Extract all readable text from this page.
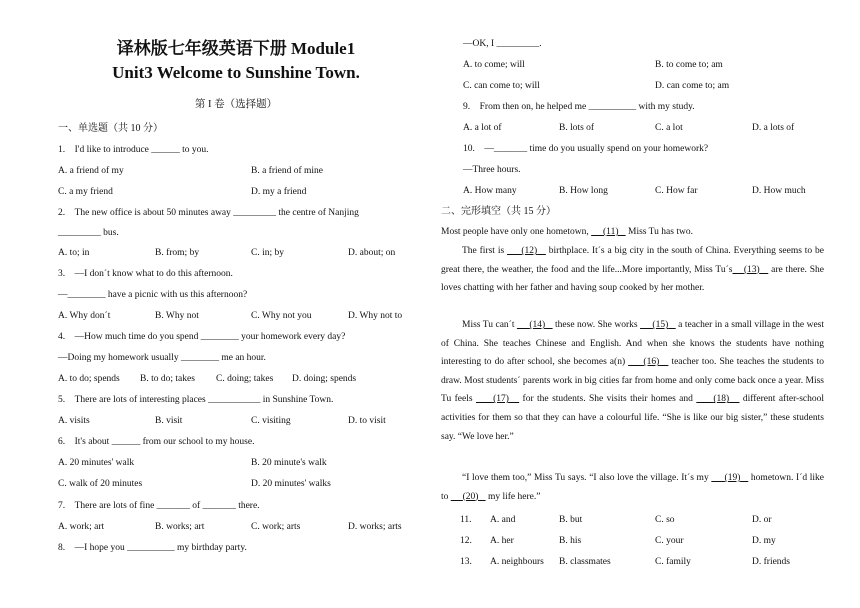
译林版七年级英语下册 Module1
Unit3 Welcome to Sunshine Town.
第 I 卷（选择题）
一、单选题（共 10 分）
1.    I'd like to introduce ______ to you.
A. a friend of my	B. a friend of mine
C. a my friend	D. my a friend
2.    The new office is about 50 minutes away _________ the centre of Nanjing
_________ bus.
A. to; in	B. from; by	C. in; by	D. about; on
3.    —I don´t know what to do this afternoon.
—________ have a picnic with us this afternoon?
A. Why don´t	B. Why not	C. Why not you	D. Why not to
4.    —How much time do you spend ________ your homework every day?
—Doing my homework usually ________ me an hour.
A. to do; spends B. to do; takes C. doing; takes D. doing; spends
5.    There are lots of interesting places ___________ in Sunshine Town.
A. visits	B. visit	C. visiting	D. to visit
6.    It's about ______ from our school to my house.
A. 20 minutes' walk	B. 20 minute's walk
C. walk of 20 minutes	D. 20 minutes' walks
7.    There are lots of fine _______ of _______ there.
A. work; art	B. works; art	C. work; arts	D. works; arts
8.    —I hope you __________ my birthday party.
—OK, I _________.
A. to come; will	B. to come to; am
C. can come to; will	D. can come to; am
9.    From then on, he helped me __________ with my study.
A. a lot of	B. lots of	C. a lot	D. a lots of
10.    —_______ time do you usually spend on your homework?
—Three hours.
A. How many	B. How long	C. How far	D. How much
二、完形填空（共 15 分）

Most people have only one hometown,      (11)    Miss Tu has two.

The first is      (12)    birthplace. It´s a big city in the south of China. Everything seems to be great there, the weather, the food and the life...More importantly, Miss Tu´s (13)    are there. She loves chatting with her father and having soup cooked by her mother.

Miss Tu can´t      (14)    these now. She works      (15)    a teacher in a small village in the west of China. She teaches Chinese and English. And when she knows the students have nothing interesting to do after school, she becomes a(n)      (16)    teacher too. She teaches the students to draw. Most students´ parents work in big cities far from home and only come back once a year. Miss Tu feels      (17)    for the students. She visits their homes and      (18)    different after-school activities for them so that they can have a colourful life. “She is like our big sister,” these students say. “We love her.”

“I love them too,” Miss Tu says. “I also love the village. It´s my      (19)    hometown. I´d like to      (20)    my life here.”

11. A. and	B. but	C. so	D. or
12. A. her	B. his	C. your	D. my
13. A. neighbours B. classmates	C. family	D. friends
